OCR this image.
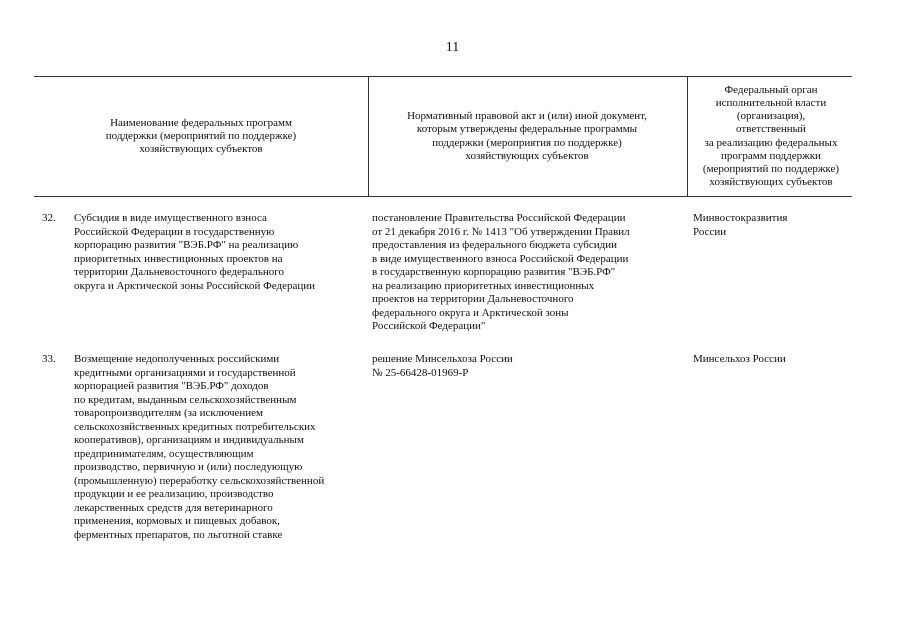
11
Наименование федеральных программ
поддержки (мероприятий по поддержке)
хозяйствующих субъектов
Нормативный правовой акт и (или) иной документ,
которым утверждены федеральные программы
поддержки (мероприятия по поддержке)
хозяйствующих субъектов
Федеральный орган
исполнительной власти
(организация),
ответственный
за реализацию федеральных
программ поддержки
(мероприятий по поддержке)
хозяйствующих субъектов
32.	Субсидия в виде имущественного взноса
Российской Федерации в государственную
корпорацию развития "ВЭБ.РФ" на реализацию
приоритетных инвестиционных проектов на
территории Дальневосточного федерального
округа и Арктической зоны Российской Федерации
постановление Правительства Российской Федерации
от 21 декабря 2016 г. № 1413 "Об утверждении Правил
предоставления из федерального бюджета субсидии
в виде имущественного взноса Российской Федерации
в государственную корпорацию развития "ВЭБ.РФ"
на реализацию приоритетных инвестиционных
проектов на территории Дальневосточного
федерального округа и Арктической зоны
Российской Федерации"
Минвостокразвития
России
33.	Возмещение недополученных российскими
кредитными организациями и государственной
корпорацией развития "ВЭБ.РФ" доходов
по кредитам, выданным сельскохозяйственным
товаропроизводителям (за исключением
сельскохозяйственных кредитных потребительских
кооперативов), организациям и индивидуальным
предпринимателям, осуществляющим
производство, первичную и (или) последующую
(промышленную) переработку сельскохозяйственной
продукции и ее реализацию, производство
лекарственных средств для ветеринарного
применения, кормовых и пищевых добавок,
ферментных препаратов, по льготной ставке
решение Минсельхоза России
№ 25-66428-01969-Р
Минсельхоз России
